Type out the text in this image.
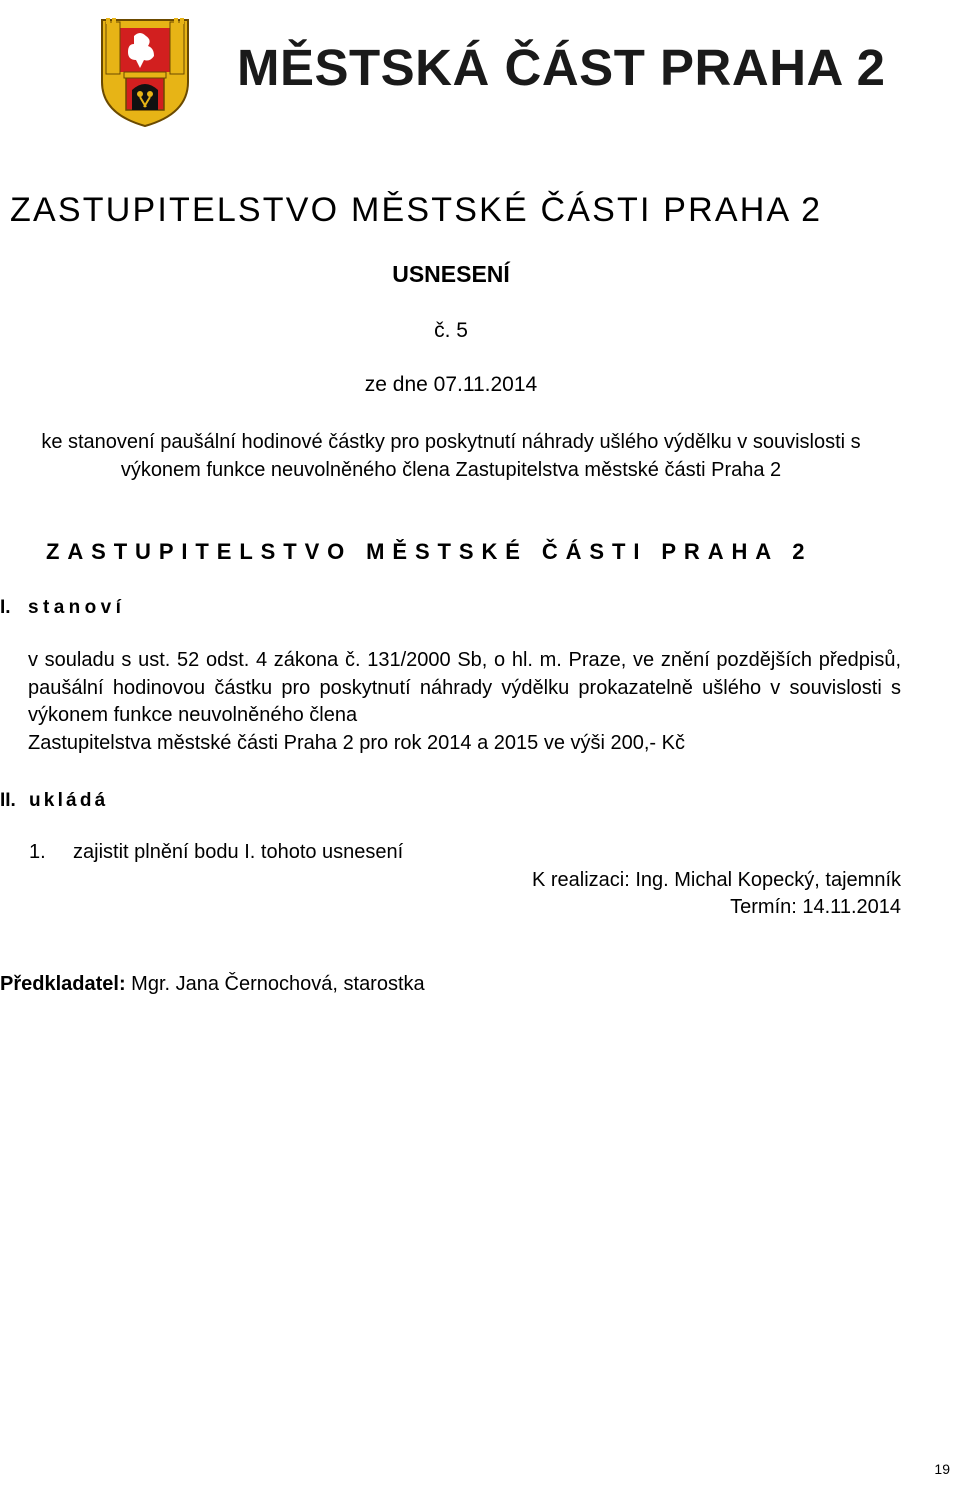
MĚSTSKÁ ČÁST PRAHA 2
ZASTUPITELSTVO MĚSTSKÉ ČÁSTI PRAHA 2
USNESENÍ
č. 5
ze dne 07.11.2014
ke stanovení paušální hodinové částky pro poskytnutí náhrady ušlého výdělku v souvislosti s výkonem funkce neuvolněného člena Zastupitelstva městské části Praha 2
ZASTUPITELSTVO MĚSTSKÉ ČÁSTI PRAHA 2
I. stanoví
v souladu s ust. 52 odst. 4 zákona č. 131/2000 Sb, o hl. m. Praze, ve znění pozdějších předpisů, paušální hodinovou částku pro poskytnutí náhrady výdělku prokazatelně ušlého v souvislosti s výkonem funkce neuvolněného člena
Zastupitelstva městské části Praha 2 pro rok 2014 a 2015 ve výši 200,- Kč
II. ukládá
1. zajistit plnění bodu I. tohoto usnesení
K realizaci: Ing. Michal Kopecký, tajemník
Termín: 14.11.2014
Předkladatel: Mgr. Jana Černochová, starostka
19
